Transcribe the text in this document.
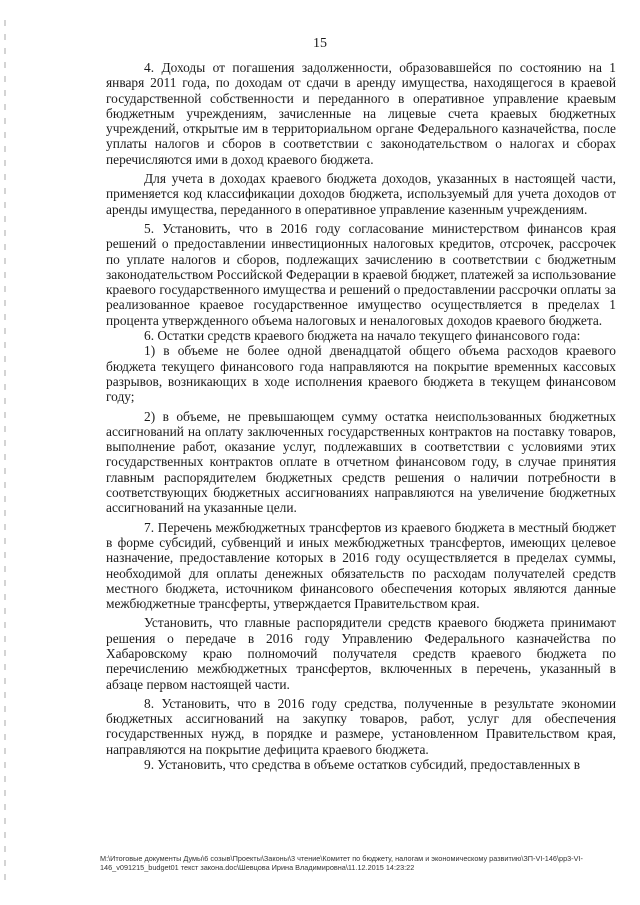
15

4. Доходы от погашения задолженности, образовавшейся по состоянию на 1 января 2011 года, по доходам от сдачи в аренду имущества, находящегося в краевой государственной собственности и переданного в оперативное управление краевым бюджетным учреждениям, зачисленные на лицевые счета краевых бюджетных учреждений, открытые им в территориальном органе Федерального казначейства, после уплаты налогов и сборов в соответствии с законодательством о налогах и сборах перечисляются ими в доход краевого бюджета.

Для учета в доходах краевого бюджета доходов, указанных в настоящей части, применяется код классификации доходов бюджета, используемый для учета доходов от аренды имущества, переданного в оперативное управление казенным учреждениям.

5. Установить, что в 2016 году согласование министерством финансов края решений о предоставлении инвестиционных налоговых кредитов, отсрочек, рассрочек по уплате налогов и сборов, подлежащих зачислению в соответствии с бюджетным законодательством Российской Федерации в краевой бюджет, платежей за использование краевого государственного имущества и решений о предоставлении рассрочки оплаты за реализованное краевое государственное имущество осуществляется в пределах 1 процента утвержденного объема налоговых и неналоговых доходов краевого бюджета.

6. Остатки средств краевого бюджета на начало текущего финансового года:

1) в объеме не более одной двенадцатой общего объема расходов краевого бюджета текущего финансового года направляются на покрытие временных кассовых разрывов, возникающих в ходе исполнения краевого бюджета в текущем финансовом году;

2) в объеме, не превышающем сумму остатка неиспользованных бюджетных ассигнований на оплату заключенных государственных контрактов на поставку товаров, выполнение работ, оказание услуг, подлежавших в соответствии с условиями этих государственных контрактов оплате в отчетном финансовом году, в случае принятия главным распорядителем бюджетных средств решения о наличии потребности в соответствующих бюджетных ассигнованиях направляются на увеличение бюджетных ассигнований на указанные цели.

7. Перечень межбюджетных трансфертов из краевого бюджета в местный бюджет в форме субсидий, субвенций и иных межбюджетных трансфертов, имеющих целевое назначение, предоставление которых в 2016 году осуществляется в пределах суммы, необходимой для оплаты денежных обязательств по расходам получателей средств местного бюджета, источником финансового обеспечения которых являются данные межбюджетные трансферты, утверждается Правительством края.

Установить, что главные распорядители средств краевого бюджета принимают решения о передаче в 2016 году Управлению Федерального казначейства по Хабаровскому краю полномочий получателя средств краевого бюджета по перечислению межбюджетных трансфертов, включенных в перечень, указанный в абзаце первом настоящей части.

8. Установить, что в 2016 году средства, полученные в результате экономии бюджетных ассигнований на закупку товаров, работ, услуг для обеспечения государственных нужд, в порядке и размере, установленном Правительством края, направляются на покрытие дефицита краевого бюджета.

9. Установить, что средства в объеме остатков субсидий, предоставленных в

М:\Итоговые документы Думы\6 созыв\Проекты\Законы\3 чтение\Комитет по бюджету, налогам и экономическому развитию\ЗП-VI-146\рр3-VI-146_v091215_budget01 текст закона.doc\Шевцова Ирина Владимировна\11.12.2015 14:23:22
